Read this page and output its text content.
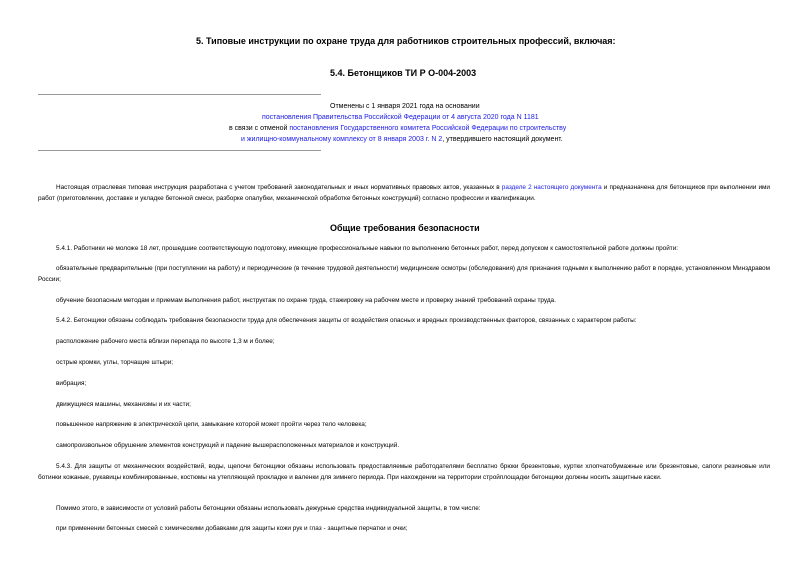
5. Типовые инструкции по охране труда для работников строительных профессий, включая:
5.4. Бетонщиков ТИ Р О-004-2003
Отменены с 1 января 2021 года на основании
постановления Правительства Российской Федерации от 4 августа 2020 года N 1181
в связи с отменой постановления Государственного комитета Российской Федерации по строительству
и жилищно-коммунальному комплексу от 8 января 2003 г. N 2, утвердившего настоящий документ.
Настоящая отраслевая типовая инструкция разработана с учетом требований законодательных и иных нормативных правовых актов, указанных в разделе 2 настоящего документа и предназначена для бетонщиков при выполнении ими работ (приготовлении, доставке и укладке бетонной смеси, разборке опалубки, механической обработке бетонных конструкций) согласно профессии и квалификации.
Общие требования безопасности
5.4.1. Работники не моложе 18 лет, прошедшие соответствующую подготовку, имеющие профессиональные навыки по выполнению бетонных работ, перед допуском к самостоятельной работе должны пройти:
обязательные предварительные (при поступлении на работу) и периодические (в течение трудовой деятельности) медицинские осмотры (обследования) для признания годными к выполнению работ в порядке, установленном Минздравом России;
обучение безопасным методам и приемам выполнения работ, инструктаж по охране труда, стажировку на рабочем месте и проверку знаний требований охраны труда.
5.4.2. Бетонщики обязаны соблюдать требования безопасности труда для обеспечения защиты от воздействия опасных и вредных производственных факторов, связанных с характером работы:
расположение рабочего места вблизи перепада по высоте 1,3 м и более;
острые кромки, углы, торчащие штыри;
вибрация;
движущиеся машины, механизмы и их части;
повышенное напряжение в электрической цепи, замыкание которой может пройти через тело человека;
самопроизвольное обрушение элементов конструкций и падение вышерасположенных материалов и конструкций.
5.4.3. Для защиты от механических воздействий, воды, щелочи бетонщики обязаны использовать предоставляемые работодателями бесплатно брюки брезентовые, куртки хлопчатобумажные или брезентовые, сапоги резиновые или ботинки кожаные, рукавицы комбинированные, костюмы на утепляющей прокладке и валенки для зимнего периода. При нахождении на территории стройплощадки бетонщики должны носить защитные каски.
Помимо этого, в зависимости от условий работы бетонщики обязаны использовать дежурные средства индивидуальной защиты, в том числе:
при применении бетонных смесей с химическими добавками для защиты кожи рук и глаз - защитные перчатки и очки;
